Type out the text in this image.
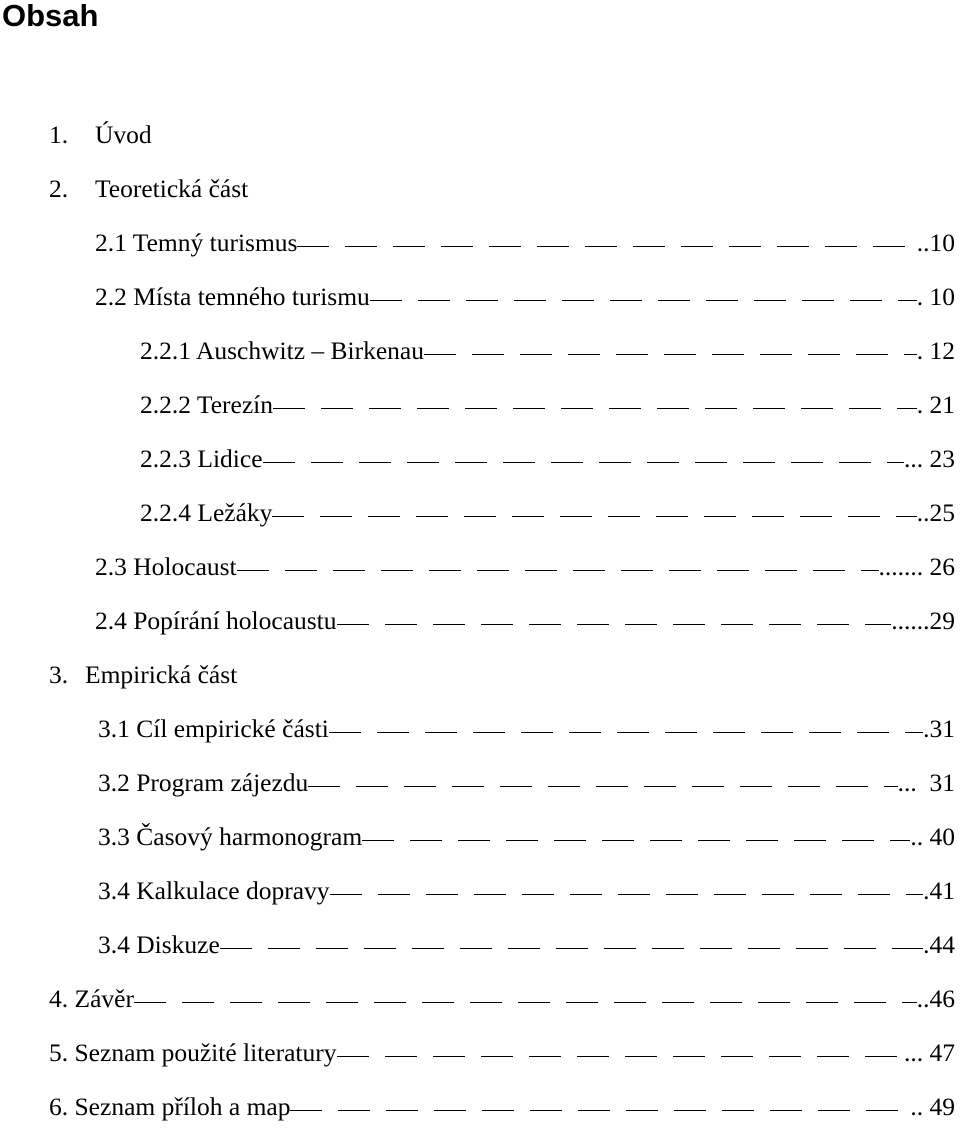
Obsah
1.	Úvod
2.	Teoretická část
2.1 Temný turismus	.. 10
2.2 Místa temného turismu	. 10
2.2.1 Auschwitz – Birkenau	. 12
2.2.2 Terezín	. 21
2.2.3 Lidice	... 23
2.2.4 Ležáky	.. 25
2.3 Holocaust	....... 26
2.4 Popírání holocaustu	...... 29
3. Empirická část
3.1 Cíl empirické části	. 31
3.2 Program zájezdu	... 31
3.3 Časový harmonogram	.. 40
3.4 Kalkulace dopravy	. 41
3.4 Diskuze	. 44
4. Závěr	.. 46
5. Seznam použité literatury	... 47
6. Seznam příloh a map	.. 49
